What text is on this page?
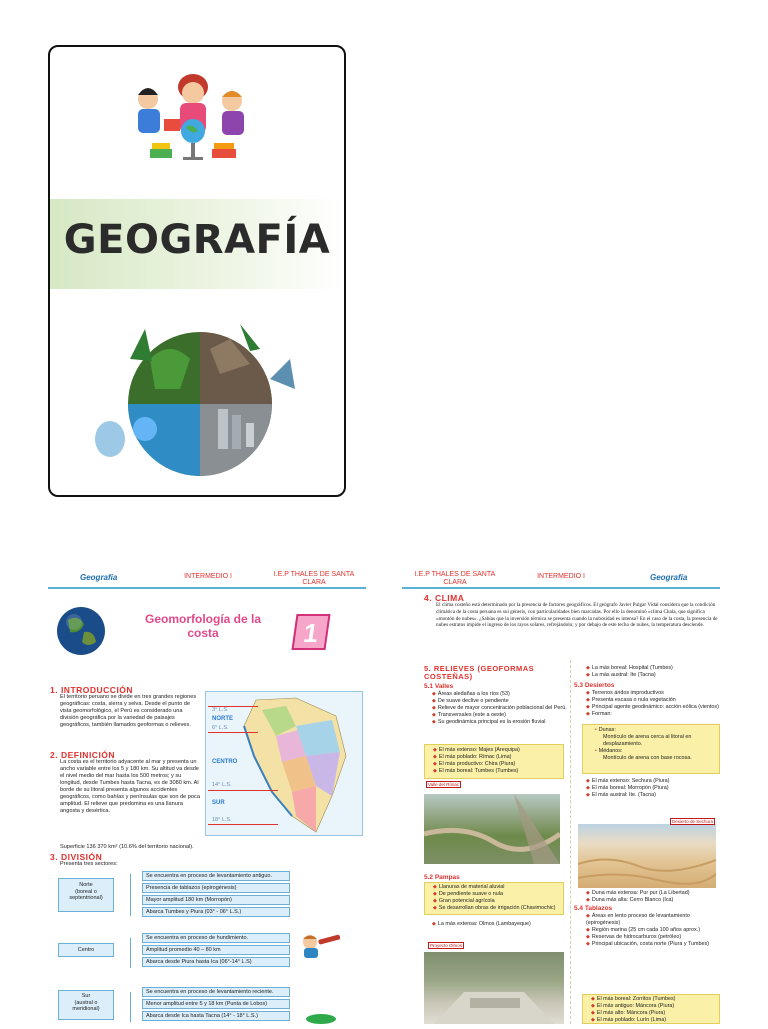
GEOGRAFÍA
Geografía	INTERMEDIO I	I.E.P THALES DE SANTA CLARA
Geomorfología de la costa	1
1. INTRODUCCIÓN
El territorio peruano se divide en tres grandes regiones geográficas: costa, sierra y selva. Desde el punto de vista geomorfológico, el Perú es considerado una división geográfica por la variedad de paisajes geográficos, también llamados geoformas o relieves.
2. DEFINICIÓN
La costa es el territorio adyacente al mar y presenta un ancho variable entre los 5 y 180 km. Su altitud va desde el nivel medio del mar hasta los 500 metros; y su longitud, desde Tumbes hasta Tacna, es de 3080 km. Al borde de su litoral presenta algunos accidentes geográficos, como bahías y penínsulas que son de poca amplitud. El relieve que predomina es una llanura angosta y desértica.
Superficie 136 370 km² (10.6% del territorio nacional).
3. DIVISIÓN
Presenta tres sectores:
3° L.S.
NORTE
6° L.S.
CENTRO
14° L.S.
SUR
18° L.S.
Norte
(boreal o
septentrional)
Se encuentra en proceso de levantamiento antiguo.
Presencia de tablazos (epirogénesis)
Mayor amplitud 180 km (Morropón)
Abarca Tumbes y Piura (03° - 06° L.S.)
Centro
Se encuentra en proceso de hundimiento.
Amplitud promedio 40 – 80 km
Abarca desde Piura hasta Ica (06°-14° L.S)
Sur
(austral o
meridional)
Se encuentra en proceso de levantamiento reciente.
Menor amplitud entre 5 y 18 km (Punta de Lobos)
Abarca desde Ica hasta Tacna (14° - 18° L.S.)
I.E.P THALES DE SANTA CLARA
INTERMEDIO I	Geografía
4. CLIMA
El clima costeño está determinado por la presencia de factores geográficos. El geógrafo Javier Pulgar Vidal considera que la condición climática de la costa peruana es sui géneris, con particularidades bien marcadas. Por ello la denominó «clima Chala, que significa «montón de nubes». ¿Sabías que la inversión térmica se presenta cuando la nubosidad es intensa? En el caso de la costa, la presencia de nubes estratos impide el ingreso de los rayos solares, refrejándolo; y por debajo de este techo de nubes, la temperatura desciende.
5. RELIEVES (GEOFORMAS COSTEÑAS)
5.1 Valles
◆ Áreas aledañas a los ríos (53)
◆ De suave declive o pendiente
◆ Relieve de mayor concentración poblacional del Perú.
◆ Transversales (este a oeste)
◆ Su geodinámica principal es la erosión fluvial
◆ El más extenso: Majes (Arequipa)
◆ El más poblado: Rímac (Lima)
◆ El más productivo: Chira (Piura)
◆ El más boreal: Tumbes (Tumbes)
Valle del Rímac
5.2 Pampas
◆ Llanuras de material aluvial
◆ De pendiente suave o nula
◆ Gran potencial agrícola
◆ Se desarrollan obras de irrigación (Chavimochic)
◆ La más extensa: Olmos (Lambayeque)
Proyecto Olmos
◆ La más boreal: Hospital (Tumbes)
◆ La más austral: Ite (Tacna)
5.3 Desiertos
◆ Terrenos áridos improductivos
◆ Presenta escasa o nula vegetación
◆ Principal agente geodinámico: acción eólica (vientos)
◆ Forman:
• Dunas:
Montículo de arena cerca al litoral en desplazamiento.
• Médanos:
Montículo de arena con base rocosa.
◆ El más extenso: Sechura (Piura)
◆ El más boreal: Morropón (Piura)
◆ El más austral: Ite. (Tacna)
Desierto de Sechura
◆ Duna más extensa: Pur pur (La Libertad)
◆ Duna más alta: Cerro Blanco (Ica)
5.4 Tablazos
◆ Áreas en lento proceso de levantamiento (epirogénesis)
◆ Región marina (25 cm cada 100 años aprox.)
◆ Reservas de hidrocarburos (petróleo)
◆ Principal ubicación, costa norte (Piura y Tumbes)
◆ El más boreal: Zorritos (Tumbes)
◆ El más antiguo: Máncora (Piura)
◆ El más alto: Máncora (Piura)
◆ El más poblado: Lurín (Lima)
